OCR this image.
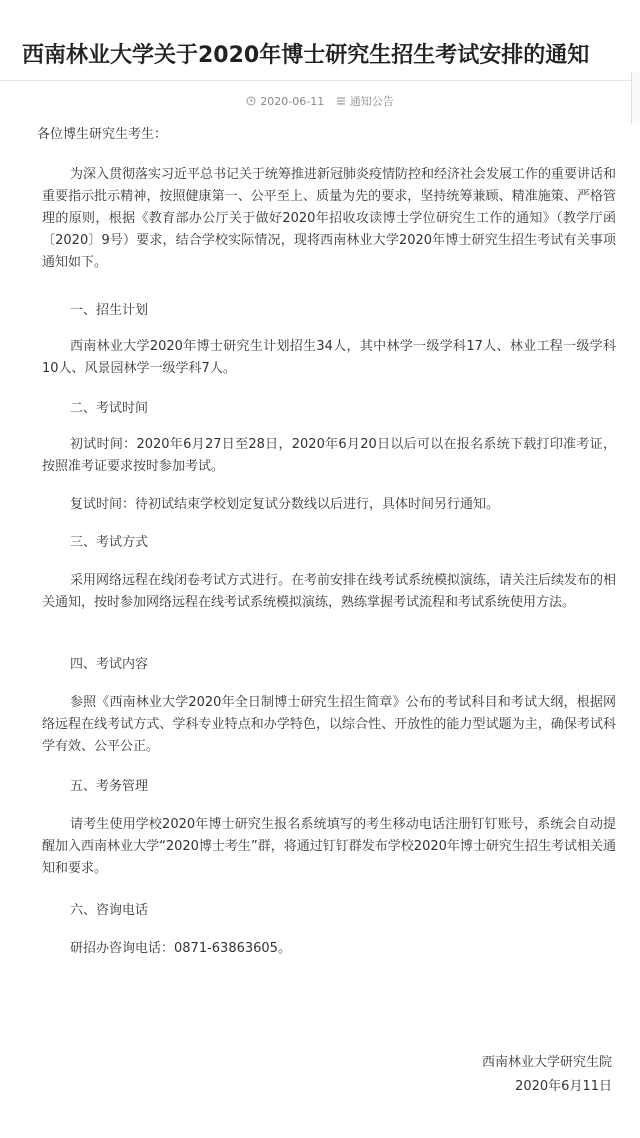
西南林业大学关于2020年博士研究生招生考试安排的通知
2020-06-11
通知公告

各位博生研究生考生：

为深入贯彻落实习近平总书记关于统筹推进新冠肺炎疫情防控和经济社会发展工作的重要讲话和重要指示批示精神，按照健康第一、公平至上、质量为先的要求，坚持统筹兼顾、精准施策、严格管理的原则，根据《教育部办公厅关于做好2020年招收攻读博士学位研究生工作的通知》（教学厅函〔2020〕9号）要求，结合学校实际情况，现将西南林业大学2020年博士研究生招生考试有关事项通知如下。

一、招生计划

西南林业大学2020年博士研究生计划招生34人，其中林学一级学科17人、林业工程一级学科10人、风景园林学一级学科7人。

二、考试时间

初试时间：2020年6月27日至28日，2020年6月20日以后可以在报名系统下载打印准考证，按照准考证要求按时参加考试。

复试时间：待初试结束学校划定复试分数线以后进行，具体时间另行通知。

三、考试方式

采用网络远程在线闭卷考试方式进行。在考前安排在线考试系统模拟演练，请关注后续发布的相关通知，按时参加网络远程在线考试系统模拟演练，熟练掌握考试流程和考试系统使用方法。

四、考试内容

参照《西南林业大学2020年全日制博士研究生招生简章》公布的考试科目和考试大纲，根据网络远程在线考试方式、学科专业特点和办学特色，以综合性、开放性的能力型试题为主，确保考试科学有效、公平公正。

五、考务管理

请考生使用学校2020年博士研究生报名系统填写的考生移动电话注册钉钉账号，系统会自动提醒加入西南林业大学“2020博士考生”群，将通过钉钉群发布学校2020年博士研究生招生考试相关通知和要求。

六、咨询电话

研招办咨询电话：0871-63863605。

西南林业大学研究生院

2020年6月11日
